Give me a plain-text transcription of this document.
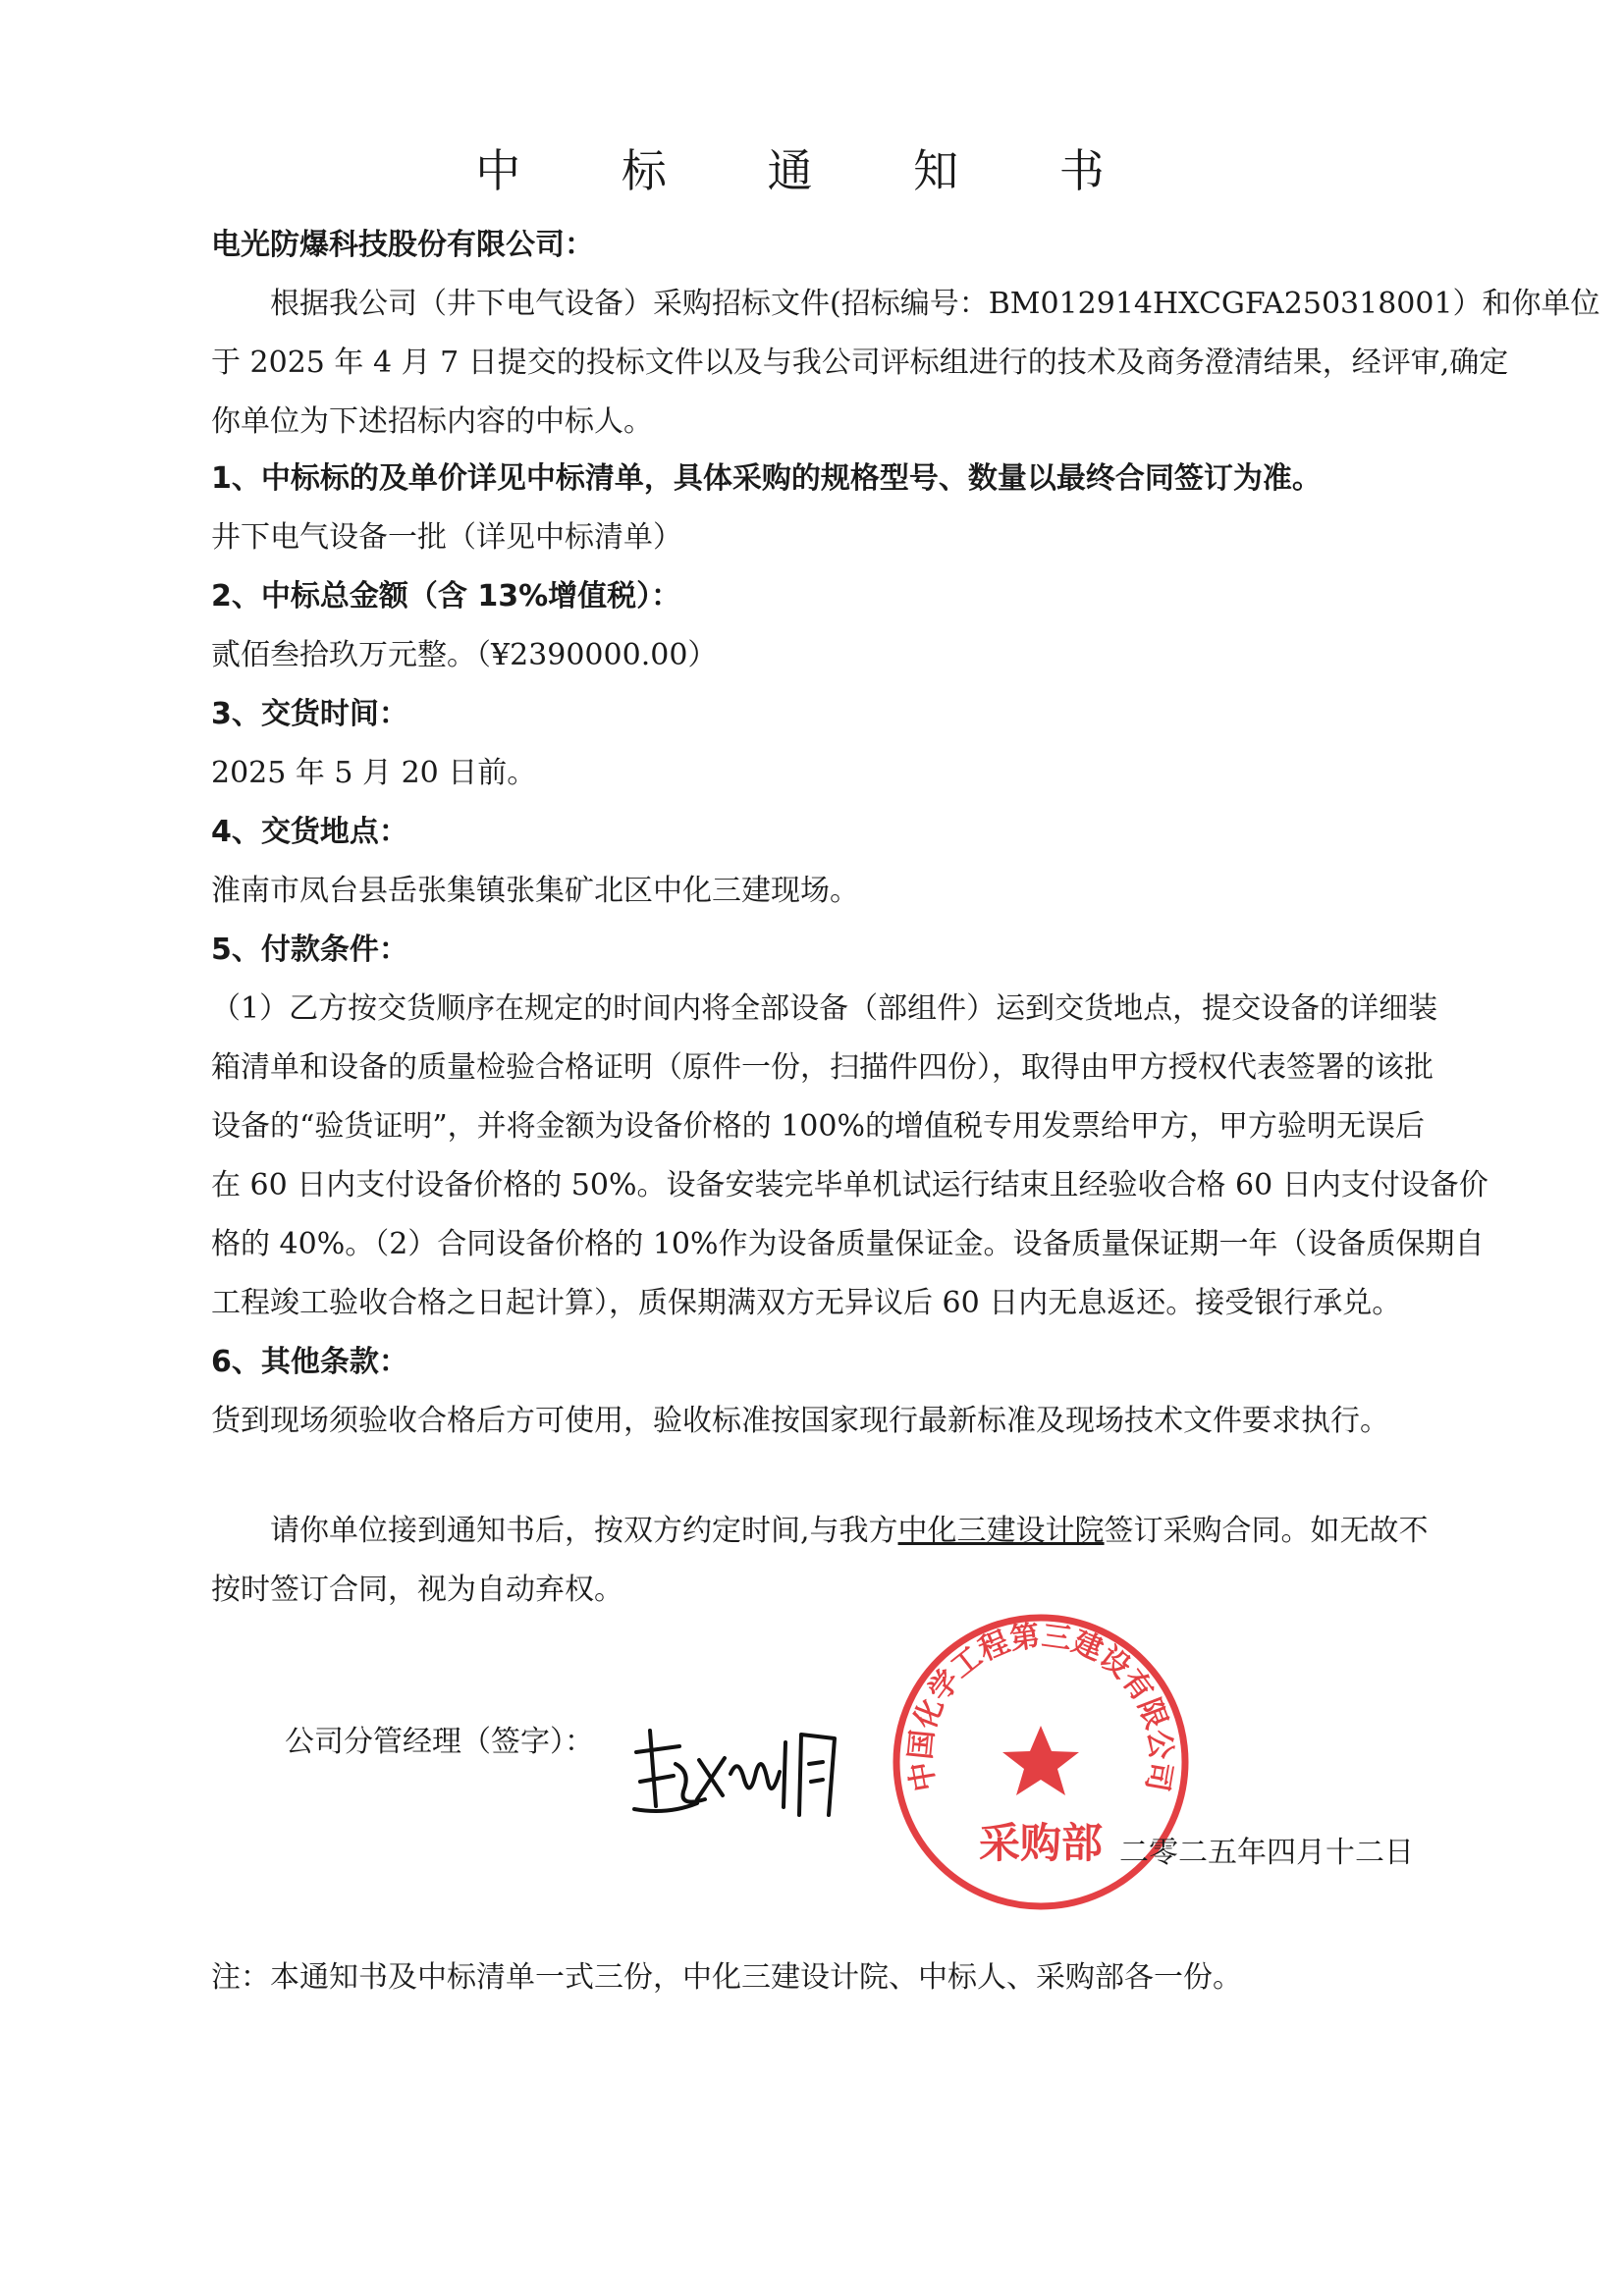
中 标 通 知 书
电光防爆科技股份有限公司：
根据我公司（井下电气设备）采购招标文件(招标编号：BM012914HXCGFA250318001）和你单位
于 2025 年 4 月 7 日提交的投标文件以及与我公司评标组进行的技术及商务澄清结果，经评审,确定
你单位为下述招标内容的中标人。
1、中标标的及单价详见中标清单，具体采购的规格型号、数量以最终合同签订为准。
井下电气设备一批（详见中标清单）
2、中标总金额（含 13%增值税）：
贰佰叁拾玖万元整。（¥2390000.00）
3、交货时间：
2025 年 5 月 20 日前。
4、交货地点：
淮南市凤台县岳张集镇张集矿北区中化三建现场。
5、付款条件：
（1）乙方按交货顺序在规定的时间内将全部设备（部组件）运到交货地点，提交设备的详细装
箱清单和设备的质量检验合格证明（原件一份，扫描件四份），取得由甲方授权代表签署的该批
设备的“验货证明”，并将金额为设备价格的 100%的增值税专用发票给甲方，甲方验明无误后
在 60 日内支付设备价格的 50%。设备安装完毕单机试运行结束且经验收合格 60 日内支付设备价
格的 40%。（2）合同设备价格的 10%作为设备质量保证金。设备质量保证期一年（设备质保期自
工程竣工验收合格之日起计算），质保期满双方无异议后 60 日内无息返还。接受银行承兑。
6、其他条款：
货到现场须验收合格后方可使用，验收标准按国家现行最新标准及现场技术文件要求执行。
请你单位接到通知书后，按双方约定时间,与我方中化三建设计院签订采购合同。如无故不
按时签订合同，视为自动弃权。
公司分管经理（签字）：
中国化学工程第三建设有限公司
采购部 二零二五年四月十二日
注：本通知书及中标清单一式三份，中化三建设计院、中标人、采购部各一份。
